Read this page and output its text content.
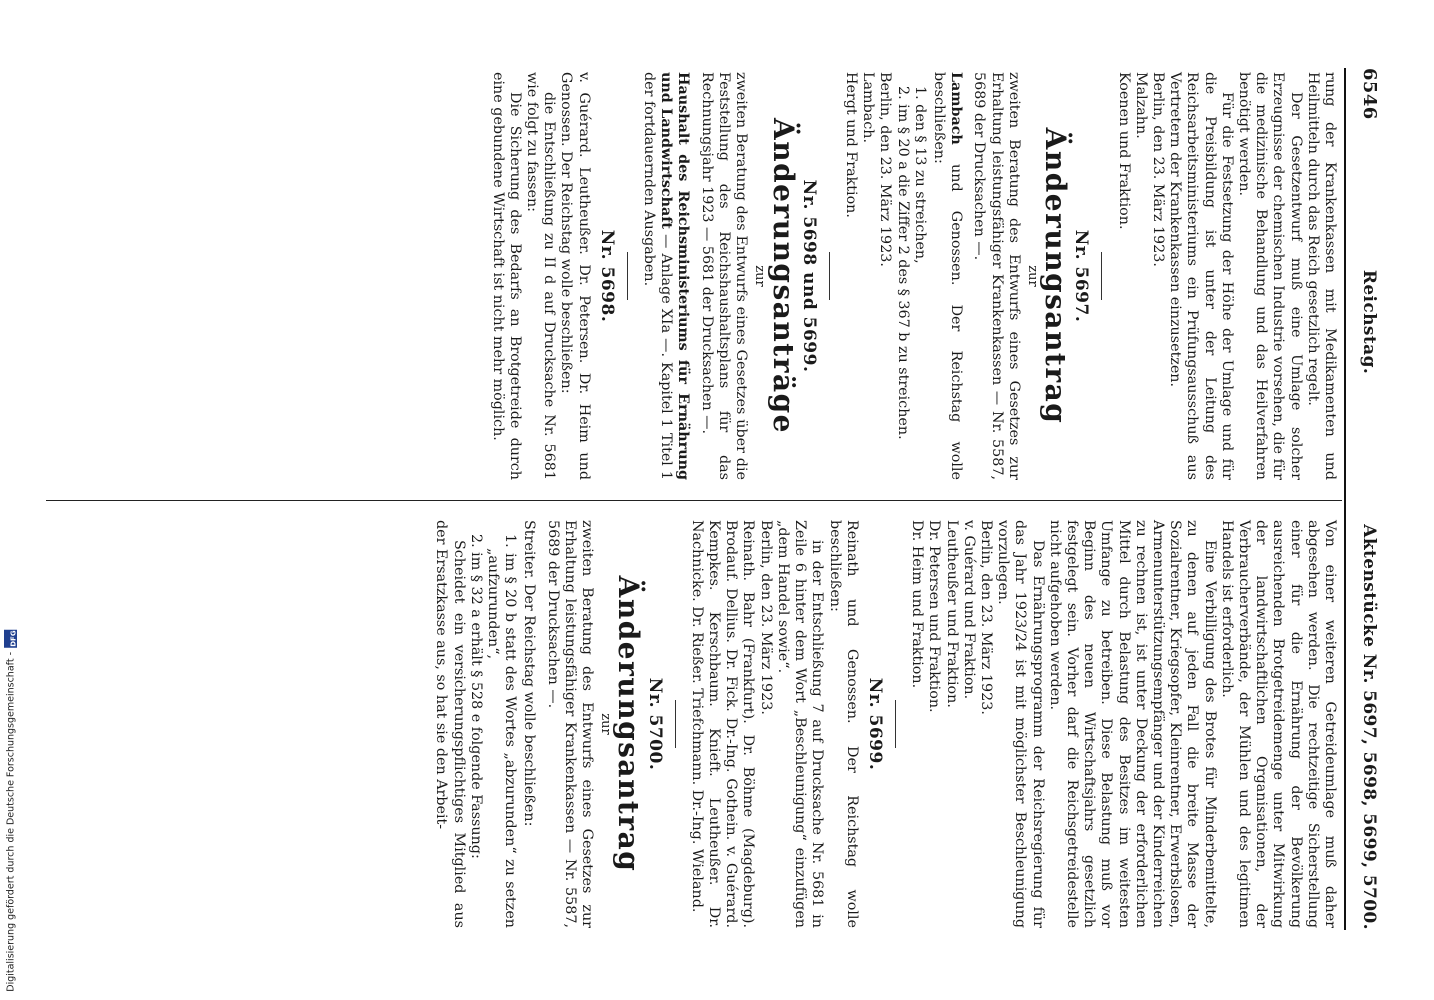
6546
Reichstag.
Aktenstücke Nr. 5697, 5698, 5699, 5700.

rung der Krankenkassen mit Medikamenten und Heilmitteln durch das Reich gesetzlich regelt.

Der Gesetzentwurf muß eine Umlage solcher Erzeugnisse der chemischen Industrie vorsehen, die für die medizinische Behandlung und das Heilverfahren benötigt werden.

Für die Festsetzung der Höhe der Umlage und für die Preisbildung ist unter der Leitung des Reichsarbeitsministeriums ein Prüfungsausschuß aus Vertretern der Krankenkassen einzusetzen.

Berlin, den 23. März 1923.

Malzahn.

Koenen und Fraktion.

Nr. 5697.
Änderungsantrag
zur

zweiten Beratung des Entwurfs eines Gesetzes zur Erhaltung leistungsfähiger Krankenkassen — Nr. 5587, 5689 der Drucksachen —.

Lambach und Genossen. Der Reichstag wolle beschließen:

1. den § 13 zu streichen,

2. im § 20 a die Ziffer 2 des § 367 b zu streichen.

Berlin, den 23. März 1923.

Lambach.

Hergt und Fraktion.

Nr. 5698 und 5699.
Änderungsanträge
zur

zweiten Beratung des Entwurfs eines Gesetzes über die Feststellung des Reichshaushaltsplans für das Rechnungsjahr 1923 — 5681 der Drucksachen —.

Haushalt des Reichsministeriums für Ernährung und Landwirtschaft — Anlage XIa —. Kapitel 1 Titel 1 der fortdauernden Ausgaben.

Nr. 5698.

v. Guérard. Leutheußer. Dr. Petersen. Dr. Heim und Genossen. Der Reichstag wolle beschließen:

die Entschließung zu II d auf Drucksache Nr. 5681 wie folgt zu fassen:

Die Sicherung des Bedarfs an Brotgetreide durch eine gebundene Wirtschaft ist nicht mehr möglich.

Von einer weiteren Getreideumlage muß daher abgesehen werden. Die rechtzeitige Sicherstellung einer für die Ernährung der Bevölkerung ausreichenden Brotgetreidemenge unter Mitwirkung der landwirtschaftlichen Organisationen, der Verbraucherverbände, der Mühlen und des legitimen Handels ist erforderlich.

Eine Verbilligung des Brotes für Minderbemittelte, zu denen auf jeden Fall die breite Masse der Sozialrentner, Kriegsopfer, Kleinrentner, Erwerbslosen, Armenunterstützungsempfänger und der Kinderreichen zu rechnen ist, ist unter Deckung der erforderlichen Mittel durch Belastung des Besitzes im weitesten Umfange zu betreiben. Diese Belastung muß vor Beginn des neuen Wirtschaftsjahrs gesetzlich festgelegt sein. Vorher darf die Reichsgetreidestelle nicht aufgehoben werden.

Das Ernährungsprogramm der Reichsregierung für das Jahr 1923/24 ist mit möglichster Beschleunigung vorzulegen.

Berlin, den 23. März 1923.

v. Guérard und Fraktion.

Leutheußer und Fraktion.

Dr. Petersen und Fraktion.

Dr. Heim und Fraktion.

Nr. 5699.

Reinath und Genossen. Der Reichstag wolle beschließen:

in der Entschließung 7 auf Drucksache Nr. 5681 in Zeile 6 hinter dem Wort „Beschleunigung“ einzufügen „dem Handel sowie“.

Berlin, den 23. März 1923.

Reinath. Bahr (Frankfurt). Dr. Böhme (Magdeburg). Brodauf. Dellius. Dr. Fick. Dr.-Ing. Gothein. v. Guérard. Kempkes. Kerschbaum. Knieft. Leutheußer. Dr. Nachnicke. Dr. Rießer. Triefchmann. Dr.-Ing. Wieland.

Nr. 5700.
Änderungsantrag
zur

zweiten Beratung des Entwurfs eines Gesetzes zur Erhaltung leistungsfähiger Krankenkassen — Nr. 5587, 5689 der Drucksachen —.

Streiter. Der Reichstag wolle beschließen:

1. im § 20 b statt des Wortes „abzurunden“ zu setzen „aufzurunden“,

2. im § 32 a erhält § 528 e folgende Fassung:

Scheidet ein versicherungspflichtiges Mitglied aus der Ersatzkasse aus, so hat sie den Arbeit-

Digitalisierung gefördert durch die Deutsche Forschungsgemeinschaft -
DFG
